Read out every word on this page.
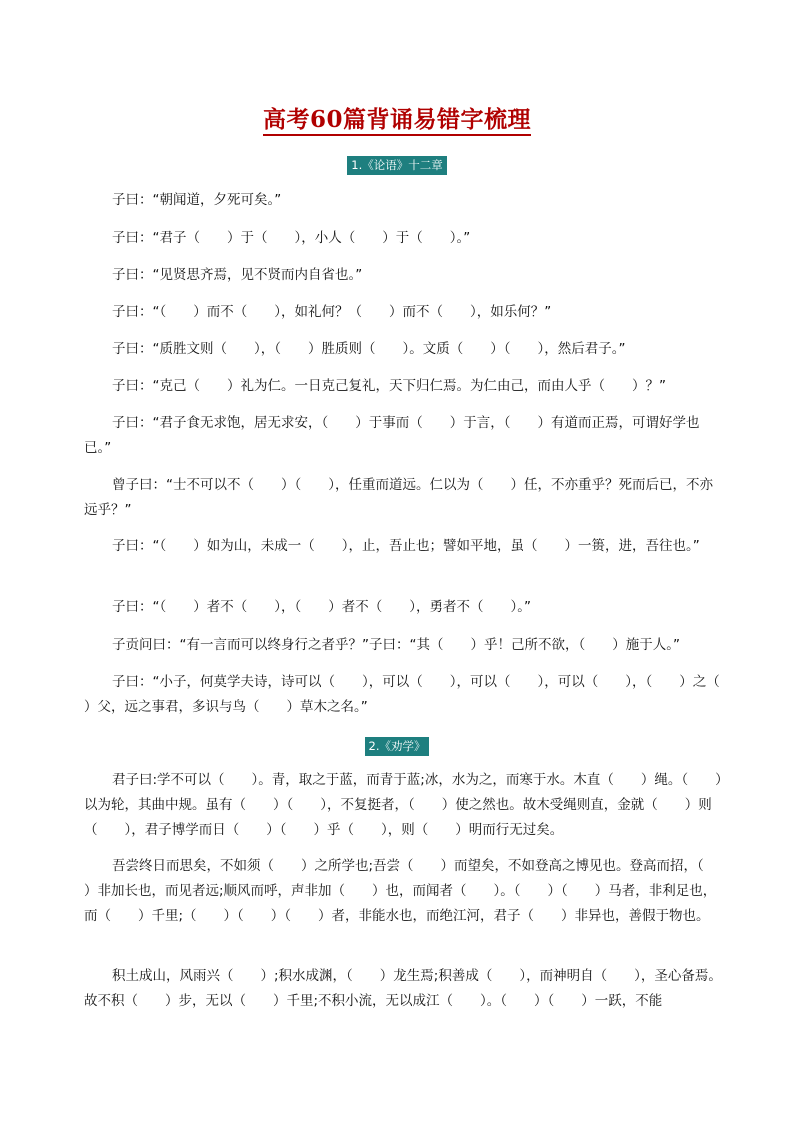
高考60篇背诵易错字梳理
1.《论语》十二章
子曰：“朝闻道，夕死可矣。”
子曰：“君子（　　）于（　　），小人（　　）于（　　）。”
子曰：“见贤思齐焉，见不贤而内自省也。”
子曰：“（　　）而不（　　），如礼何？（　　）而不（　　），如乐何？”
子曰：“质胜文则（　　），（　　）胜质则（　　）。文质（　　）（　　），然后君子。”
子曰：“克己（　　）礼为仁。一日克己复礼，天下归仁焉。为仁由己，而由人乎（　　）？”
子曰：“君子食无求饱，居无求安，（　　）于事而（　　）于言，（　　）有道而正焉，可谓好学也已。”
曾子曰：“士不可以不（　　）（　　），任重而道远。仁以为（　　）任，不亦重乎？死而后已，不亦远乎？”
子曰：“（　　）如为山，未成一（　　），止，吾止也；譬如平地，虽（　　）一篑，进，吾往也。”
子曰：“（　　）者不（　　），（　　）者不（　　），勇者不（　　）。”
子贡问曰：“有一言而可以终身行之者乎？”子曰：“其（　　）乎！己所不欲，（　　）施于人。”
子曰：“小子，何莫学夫诗，诗可以（　　），可以（　　），可以（　　），可以（　　），（　　）之（　　）父，远之事君，多识与鸟（　　）草木之名。”
2.《劝学》
君子曰:学不可以（　　）。青，取之于蓝，而青于蓝;冰，水为之，而寒于水。木直（　　）绳。（　　）以为轮，其曲中规。虽有（　　）（　　），不复挺者，（　　）使之然也。故木受绳则直，金就（　　）则（　　），君子博学而日（　　）（　　）乎（　　），则（　　）明而行无过矣。
吾尝终日而思矣，不如须（　　）之所学也;吾尝（　　）而望矣，不如登高之博见也。登高而招，（　　）非加长也，而见者远;顺风而呼，声非加（　　）也，而闻者（　　）。（　　）（　　）马者，非利足也，而（　　）千里;（　　）（　　）（　　）者，非能水也，而绝江河，君子（　　）非异也，善假于物也。
积土成山，风雨兴（　　）;积水成渊，（　　）龙生焉;积善成（　　），而神明自（　　），圣心备焉。故不积（　　）步，无以（　　）千里;不积小流，无以成江（　　）。（　　）（　　）一跃，不能
